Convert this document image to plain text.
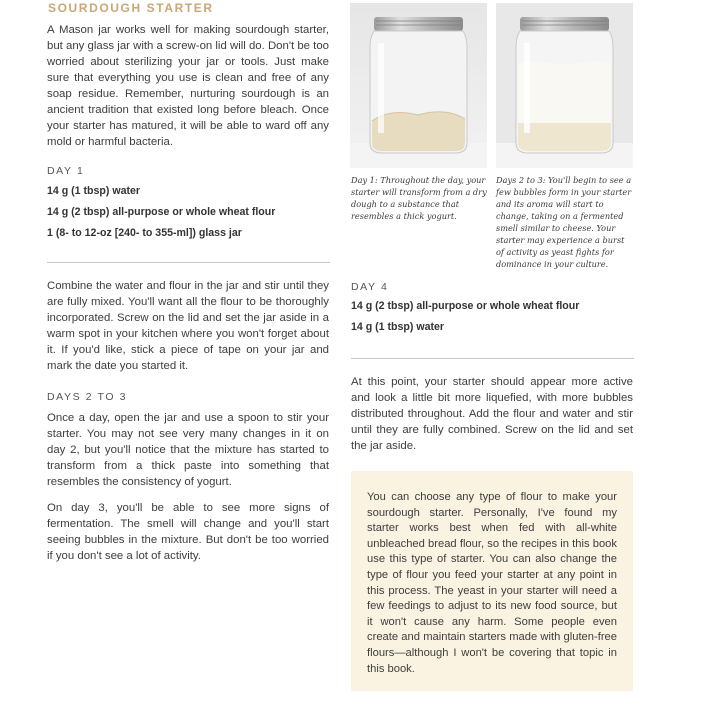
SOURDOUGH STARTER
A Mason jar works well for making sourdough starter, but any glass jar with a screw-on lid will do. Don't be too worried about sterilizing your jar or tools. Just make sure that everything you use is clean and free of any soap residue. Remember, nurturing sourdough is an ancient tradition that existed long before bleach. Once your starter has matured, it will be able to ward off any mold or harmful bacteria.
DAY 1
14 g (1 tbsp) water
14 g (2 tbsp) all-purpose or whole wheat flour
1 (8- to 12-oz [240- to 355-ml]) glass jar
Combine the water and flour in the jar and stir until they are fully mixed. You'll want all the flour to be thoroughly incorporated. Screw on the lid and set the jar aside in a warm spot in your kitchen where you won't forget about it. If you'd like, stick a piece of tape on your jar and mark the date you started it.
DAYS 2 TO 3
Once a day, open the jar and use a spoon to stir your starter. You may not see very many changes in it on day 2, but you'll notice that the mixture has started to transform from a thick paste into something that resembles the consistency of yogurt.
On day 3, you'll be able to see more signs of fermentation. The smell will change and you'll start seeing bubbles in the mixture. But don't be too worried if you don't see a lot of activity.
Day 1: Throughout the day, your starter will transform from a dry dough to a substance that resembles a thick yogurt.
Days 2 to 3: You'll begin to see a few bubbles form in your starter and its aroma will start to change, taking on a fermented smell similar to cheese. Your starter may experience a burst of activity as yeast fights for dominance in your culture.
DAY 4
14 g (2 tbsp) all-purpose or whole wheat flour
14 g (1 tbsp) water
At this point, your starter should appear more active and look a little bit more liquefied, with more bubbles distributed throughout. Add the flour and water and stir until they are fully combined. Screw on the lid and set the jar aside.
You can choose any type of flour to make your sourdough starter. Personally, I've found my starter works best when fed with all-white unbleached bread flour, so the recipes in this book use this type of starter. You can also change the type of flour you feed your starter at any point in this process. The yeast in your starter will need a few feedings to adjust to its new food source, but it won't cause any harm. Some people even create and maintain starters made with gluten-free flours—although I won't be covering that topic in this book.
